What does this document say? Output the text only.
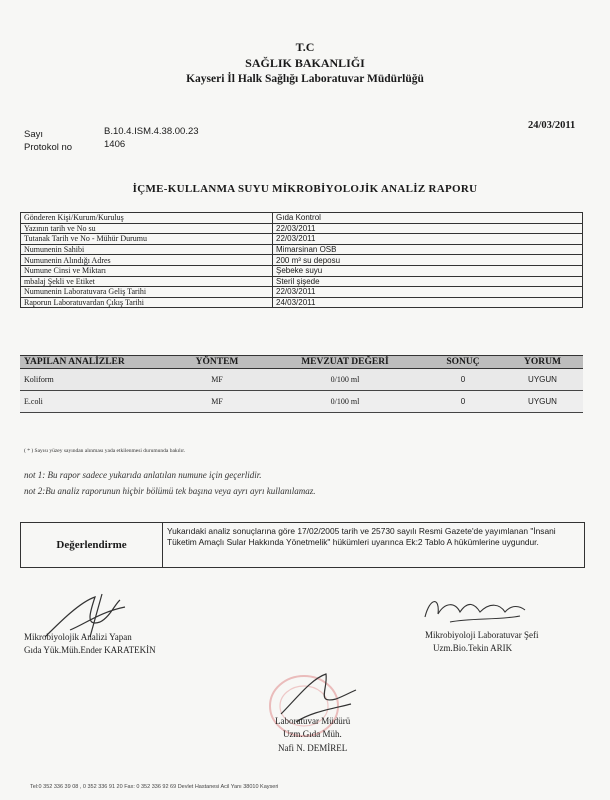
T.C
SAĞLIK BAKANLIĞI
Kayseri İl Halk Sağlığı Laboratuvar Müdürlüğü
Sayı	B.10.4.ISM.4.38.00.23
Protokol no	1406
24/03/2011
İÇME-KULLANMA SUYU MİKROBİYOLOJİK ANALİZ RAPORU
Gönderen Kişi/Kurum/Kuruluş	Gıda Kontrol
Yazının tarih ve No su	22/03/2011
Tutanak Tarih ve No - Mühür Durumu	22/03/2011
Numunenin Sahibi	Mimarsinan OSB
Numunenin Alındığı Adres	200 m³ su deposu
Numune Cinsi ve Miktarı	Şebeke suyu
mbalaj Şekli ve Etiket	Steril şişede
Numunenin Laboratuvara Geliş Tarihi	22/03/2011
Raporun Laboratuvardan Çıkış Tarihi	24/03/2011
YAPILAN ANALİZLER	YÖNTEM	MEVZUAT DEĞERİ	SONUÇ	YORUM
Koliform	MF	0/100 ml	0	UYGUN
E.coli	MF	0/100 ml	0	UYGUN
( * ) Sayısı yüzey sayından alınması yada etkilenmesi durumunda bakılır.
not 1: Bu rapor sadece yukarıda anlatılan numune için geçerlidir.
not 2:Bu analiz raporunun hiçbir bölümü tek başına veya ayrı ayrı kullanılamaz.
Değerlendirme
Yukarıdaki analiz sonuçlarına göre 17/02/2005 tarih ve 25730 sayılı Resmi Gazete'de yayımlanan "İnsani Tüketim Amaçlı Sular Hakkında Yönetmelik" hükümleri uyarınca Ek:2 Tablo A hükümlerine uygundur.
Mikrobiyolojik Analizi Yapan
Gıda Yük.Müh.Ender KARATEKİN
Mikrobiyoloji Laboratuvar Şefi
Uzm.Bio.Tekin ARIK
Laboratuvar Müdürü
Uzm.Gıda Müh.
Nafi N. DEMİREL
Tel:0 352 336 39 08 , 0 352 336 91 20 Fax: 0 352 336 92 69 Devlet Hastanesi Acil Yanı 38010 Kayseri
